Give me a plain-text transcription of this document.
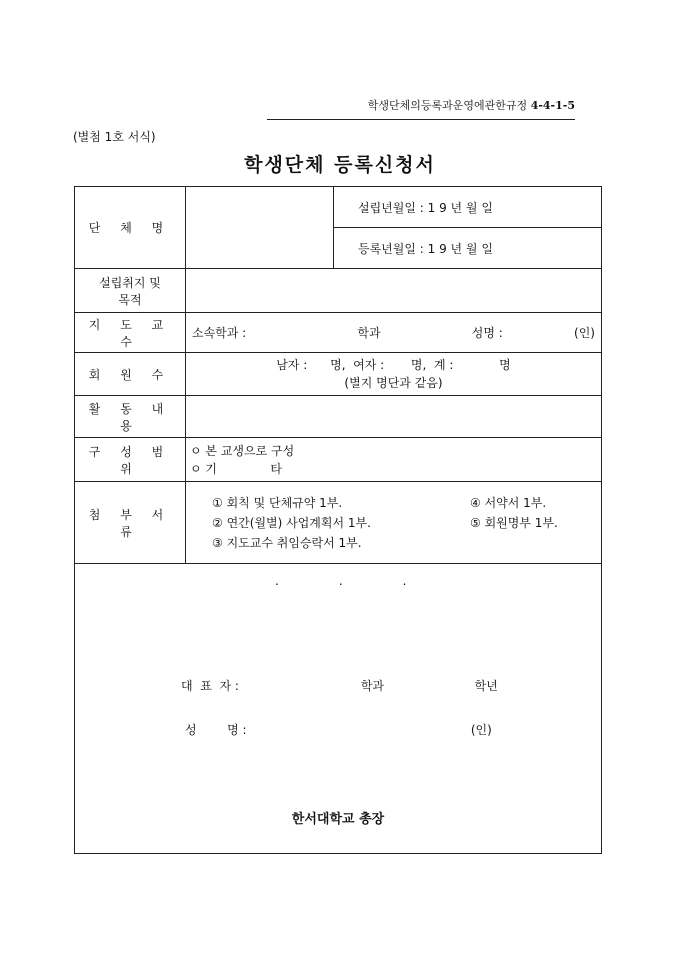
학생단체의등록과운영에관한규정 4-4-1-5
(별첨 1호 서식)
학생단체 등록신청서
단 체 명		설립년월일 : 1 9 년 월 일
		등록년월일 : 1 9 년 월 일

설립취지 및
목적		

지 도 교 수	소속학과 : 학과 성명 : (인)	

회 원 수	남자 :      명,  여자 :       명,  계 :            명
(별지 명단과 같음)	

활 동 내 용		
구 성 범 위	ㅇ 본 교생으로 구성
ㅇ 기              타	

첨 부 서 류	① 회칙 및 단체규약 1부. ④ 서약서 1부.
② 연간(월별) 사업계획서 1부. ⑤ 회원명부 1부.
③ 지도교수 취임승락서 1부.	

...
대  표  자 : 학과 학년
성        명 : (인)
한서대학교 총장		
